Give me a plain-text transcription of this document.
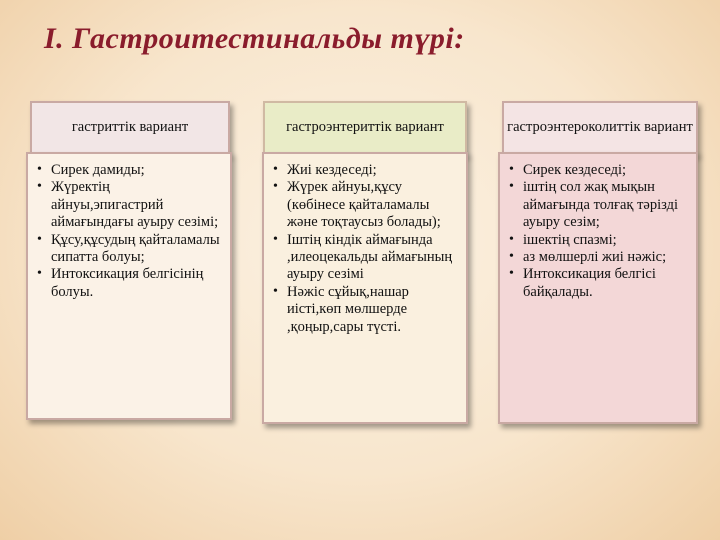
І. Гастроитестинальды түрі:
гастриттік вариант
• Сирек дамиды;
• Жүректің айнуы,эпигастрий аймағындағы ауыру сезімі;
• Құсу,құсудың қайталамалы сипатта болуы;
• Интоксикация белгісінің болуы.
гастроэнтериттік вариант
• Жиі кездеседі;
• Жүрек айнуы,құсу (көбінесе қайталамалы және тоқтаусыз болады);
• Іштің кіндік аймағында ,илеоцекальды аймағының ауыру сезімі
• Нәжіс сұйық,нашар иісті,көп мөлшерде ,қоңыр,сары түсті.
гастроэнтероколиттік вариант
• Сирек кездеседі;
• іштің сол жақ мықын аймағында толғақ тәрізді ауыру сезім;
• ішектің спазмі;
• аз мөлшерлі жиі нәжіс;
• Интоксикация белгісі байқалады.
